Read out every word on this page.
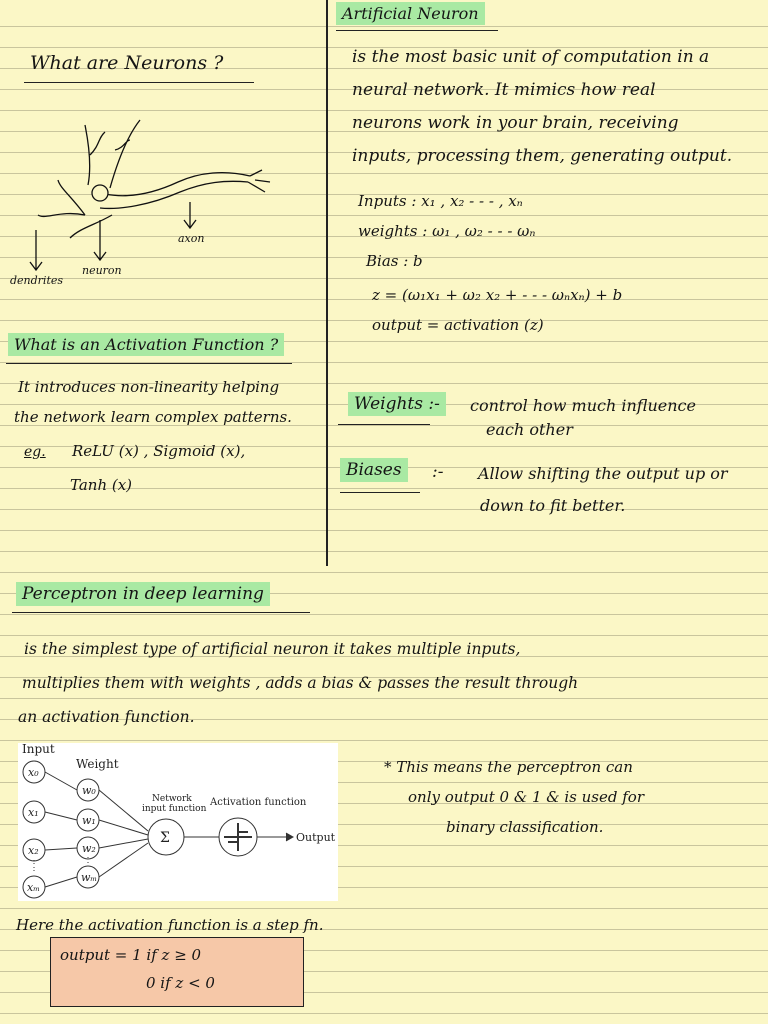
What are Neurons ?
dendrites
neuron
axon
Artificial Neuron
is the most basic unit of computation in a
neural network. It mimics how real
neurons work in your brain, receiving
inputs, processing them, generating output.
Inputs : x₁ , x₂ - - - , xₙ
weights : ω₁ , ω₂ - - - ωₙ
Bias : b
z = (ω₁x₁ + ω₂ x₂ + - - - ωₙxₙ) + b
output = activation (z)
What is an Activation Function ?
It introduces non-linearity helping
the network learn complex patterns.
eg. ReLU (x) , Sigmoid (x),
Tanh (x)
Weights :-	control how much influence
each other
Biases	:- Allow shifting the output up or
down to fit better.
Perceptron in deep learning
is the simplest type of artificial neuron it takes multiple inputs,
multiplies them with weights , adds a bias & passes the result through
an activation function.
Input
Weight
x₀
x₁
x₂
xₘ
w₀
w₁
w₂
wₘ
Network
input function
Σ
Activation function
Output
* This means the perceptron can
only output 0 & 1 & is used for
binary classification.
Here the activation function is a step fn.
output = 1 if z ≥ 0
0 if z < 0
